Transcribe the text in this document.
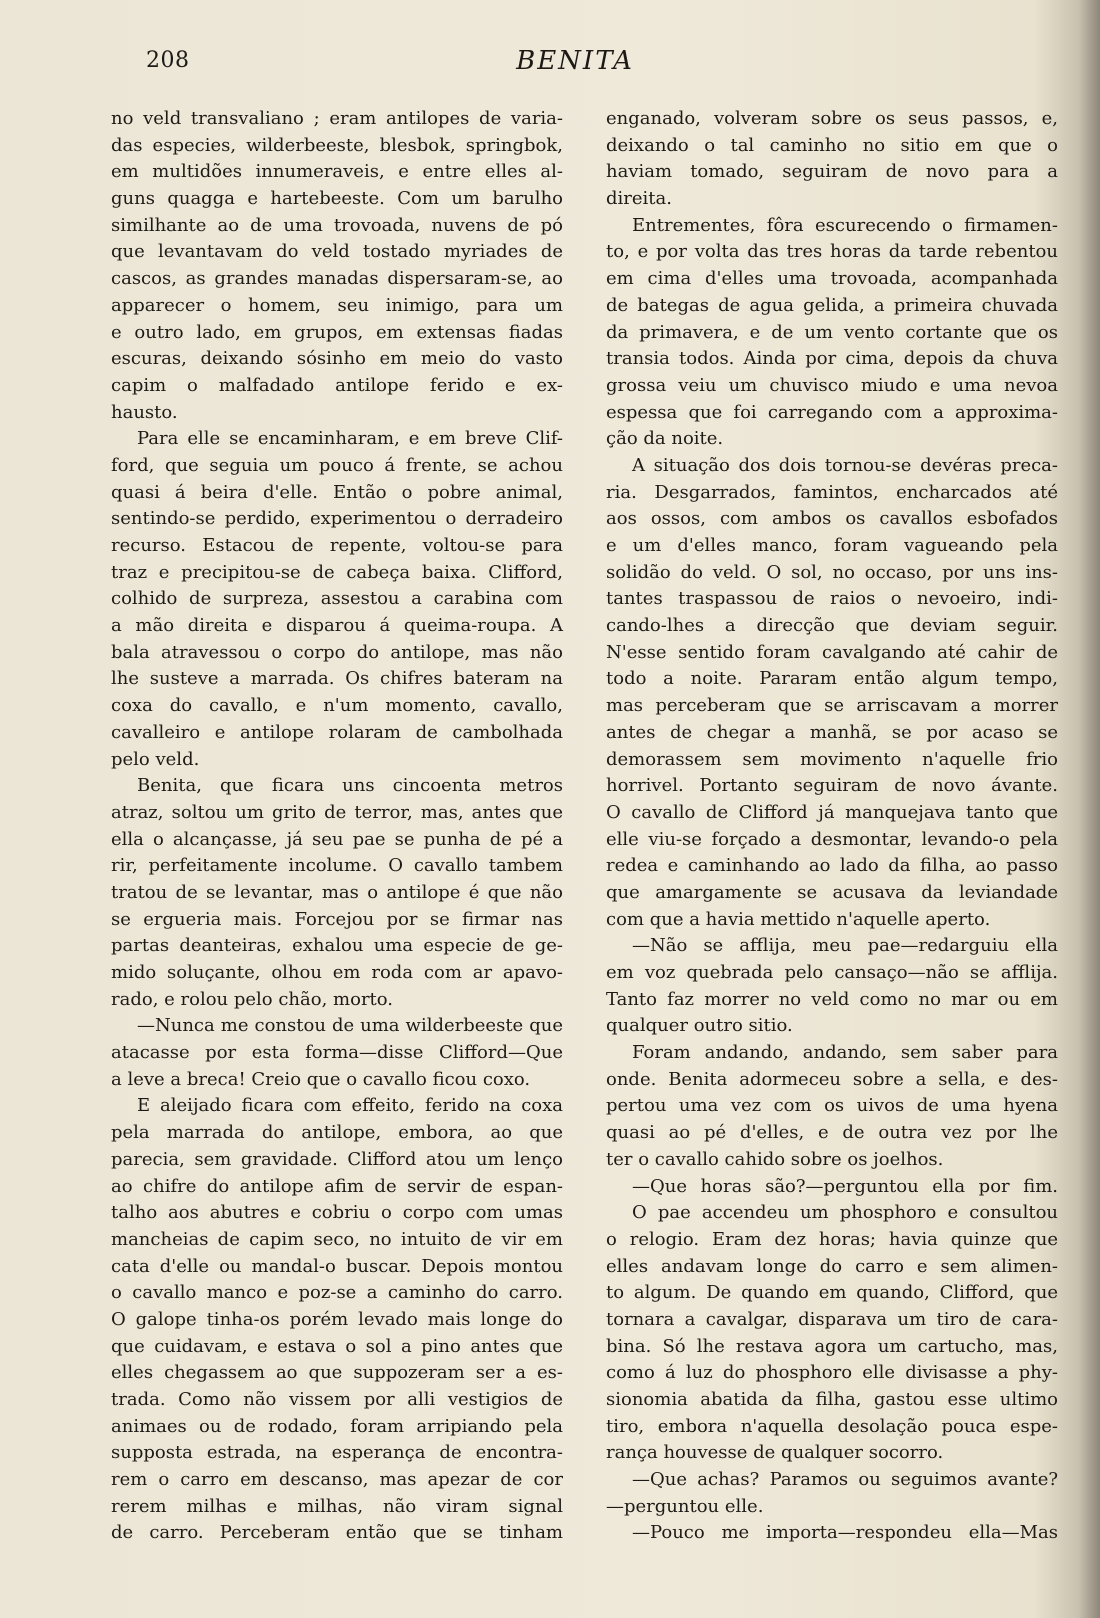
208	BENITA
no veld transvaliano ; eram antilopes de varia-
das especies, wilderbeeste, blesbok, springbok,
em multidões innumeraveis, e entre elles al-
guns quagga e hartebeeste. Com um barulho
similhante ao de uma trovoada, nuvens de pó
que levantavam do veld tostado myriades de
cascos, as grandes manadas dispersaram-se, ao
apparecer o homem, seu inimigo, para um
e outro lado, em grupos, em extensas fiadas
escuras, deixando sósinho em meio do vasto
capim o malfadado antilope ferido e ex-
hausto.
Para elle se encaminharam, e em breve Clif-
ford, que seguia um pouco á frente, se achou
quasi á beira d'elle. Então o pobre animal,
sentindo-se perdido, experimentou o derradeiro
recurso. Estacou de repente, voltou-se para
traz e precipitou-se de cabeça baixa. Clifford,
colhido de surpreza, assestou a carabina com
a mão direita e disparou á queima-roupa. A
bala atravessou o corpo do antilope, mas não
lhe susteve a marrada. Os chifres bateram na
coxa do cavallo, e n'um momento, cavallo,
cavalleiro e antilope rolaram de cambolhada
pelo veld.
Benita, que ficara uns cincoenta metros
atraz, soltou um grito de terror, mas, antes que
ella o alcançasse, já seu pae se punha de pé a
rir, perfeitamente incolume. O cavallo tambem
tratou de se levantar, mas o antilope é que não
se ergueria mais. Forcejou por se firmar nas
partas deanteiras, exhalou uma especie de ge-
mido soluçante, olhou em roda com ar apavo-
rado, e rolou pelo chão, morto.
—Nunca me constou de uma wilderbeeste que
atacasse por esta forma—disse Clifford—Que
a leve a breca! Creio que o cavallo ficou coxo.
E aleijado ficara com effeito, ferido na coxa
pela marrada do antilope, embora, ao que
parecia, sem gravidade. Clifford atou um lenço
ao chifre do antilope afim de servir de espan-
talho aos abutres e cobriu o corpo com umas
mancheias de capim seco, no intuito de vir em
cata d'elle ou mandal-o buscar. Depois montou
o cavallo manco e poz-se a caminho do carro.
O galope tinha-os porém levado mais longe do
que cuidavam, e estava o sol a pino antes que
elles chegassem ao que suppozeram ser a es-
trada. Como não vissem por alli vestigios de
animaes ou de rodado, foram arripiando pela
supposta estrada, na esperança de encontra-
rem o carro em descanso, mas apezar de cor
rerem milhas e milhas, não viram signal
de carro. Perceberam então que se tinham
enganado, volveram sobre os seus passos, e,
deixando o tal caminho no sitio em que o
haviam tomado, seguiram de novo para a
direita.
Entrementes, fôra escurecendo o firmamen-
to, e por volta das tres horas da tarde rebentou
em cima d'elles uma trovoada, acompanhada
de bategas de agua gelida, a primeira chuvada
da primavera, e de um vento cortante que os
transia todos. Ainda por cima, depois da chuva
grossa veiu um chuvisco miudo e uma nevoa
espessa que foi carregando com a approxima-
ção da noite.
A situação dos dois tornou-se devéras preca-
ria. Desgarrados, famintos, encharcados até
aos ossos, com ambos os cavallos esbofados
e um d'elles manco, foram vagueando pela
solidão do veld. O sol, no occaso, por uns ins-
tantes traspassou de raios o nevoeiro, indi-
cando-lhes a direcção que deviam seguir.
N'esse sentido foram cavalgando até cahir de
todo a noite. Pararam então algum tempo,
mas perceberam que se arriscavam a morrer
antes de chegar a manhã, se por acaso se
demorassem sem movimento n'aquelle frio
horrivel. Portanto seguiram de novo ávante.
O cavallo de Clifford já manquejava tanto que
elle viu-se forçado a desmontar, levando-o pela
redea e caminhando ao lado da filha, ao passo
que amargamente se acusava da leviandade
com que a havia mettido n'aquelle aperto.
—Não se afflija, meu pae—redarguiu ella
em voz quebrada pelo cansaço—não se afflija.
Tanto faz morrer no veld como no mar ou em
qualquer outro sitio.
Foram andando, andando, sem saber para
onde. Benita adormeceu sobre a sella, e des-
pertou uma vez com os uivos de uma hyena
quasi ao pé d'elles, e de outra vez por lhe
ter o cavallo cahido sobre os joelhos.
—Que horas são?—perguntou ella por fim.
O pae accendeu um phosphoro e consultou
o relogio. Eram dez horas; havia quinze que
elles andavam longe do carro e sem alimen-
to algum. De quando em quando, Clifford, que
tornara a cavalgar, disparava um tiro de cara-
bina. Só lhe restava agora um cartucho, mas,
como á luz do phosphoro elle divisasse a phy-
sionomia abatida da filha, gastou esse ultimo
tiro, embora n'aquella desolação pouca espe-
rança houvesse de qualquer socorro.
—Que achas? Paramos ou seguimos avante?
—perguntou elle.
—Pouco me importa—respondeu ella—Mas
